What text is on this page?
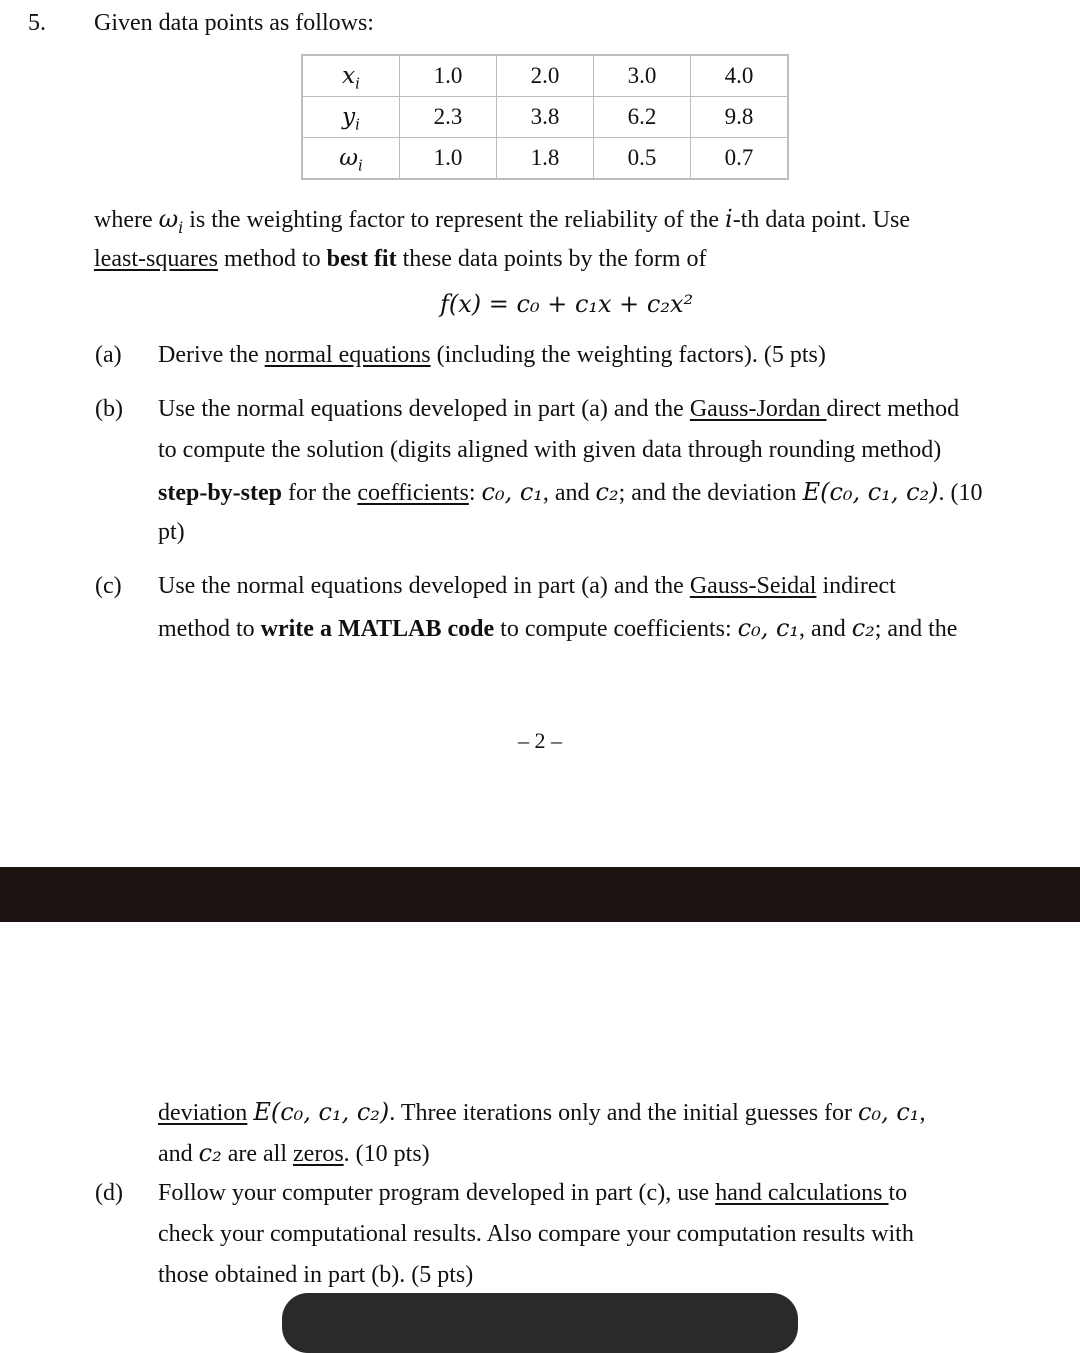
5. Given data points as follows:
$x_i$	1.0	2.0	3.0	4.0
$y_i$	2.3	3.8	6.2	9.8
$\omega_i$	1.0	1.8	0.5	0.7
where $\omega_i$ is the weighting factor to represent the reliability of the i-th data point. Use
least-squares method to best fit these data points by the form of
f(x) = c₀ + c₁x + c₂x²
(a) Derive the normal equations (including the weighting factors). (5 pts)
(b) Use the normal equations developed in part (a) and the Gauss-Jordan direct method
to compute the solution (digits aligned with given data through rounding method)
step-by-step for the coefficients: c₀, c₁, and c₂; and the deviation E(c₀, c₁, c₂). (10
pt)
(c) Use the normal equations developed in part (a) and the Gauss-Seidal indirect
method to write a MATLAB code to compute coefficients: c₀, c₁, and c₂; and the
– 2 –
deviation E(c₀, c₁, c₂). Three iterations only and the initial guesses for c₀, c₁,
and c₂ are all zeros. (10 pts)
(d) Follow your computer program developed in part (c), use hand calculations to
check your computational results. Also compare your computation results with
those obtained in part (b). (5 pts)
